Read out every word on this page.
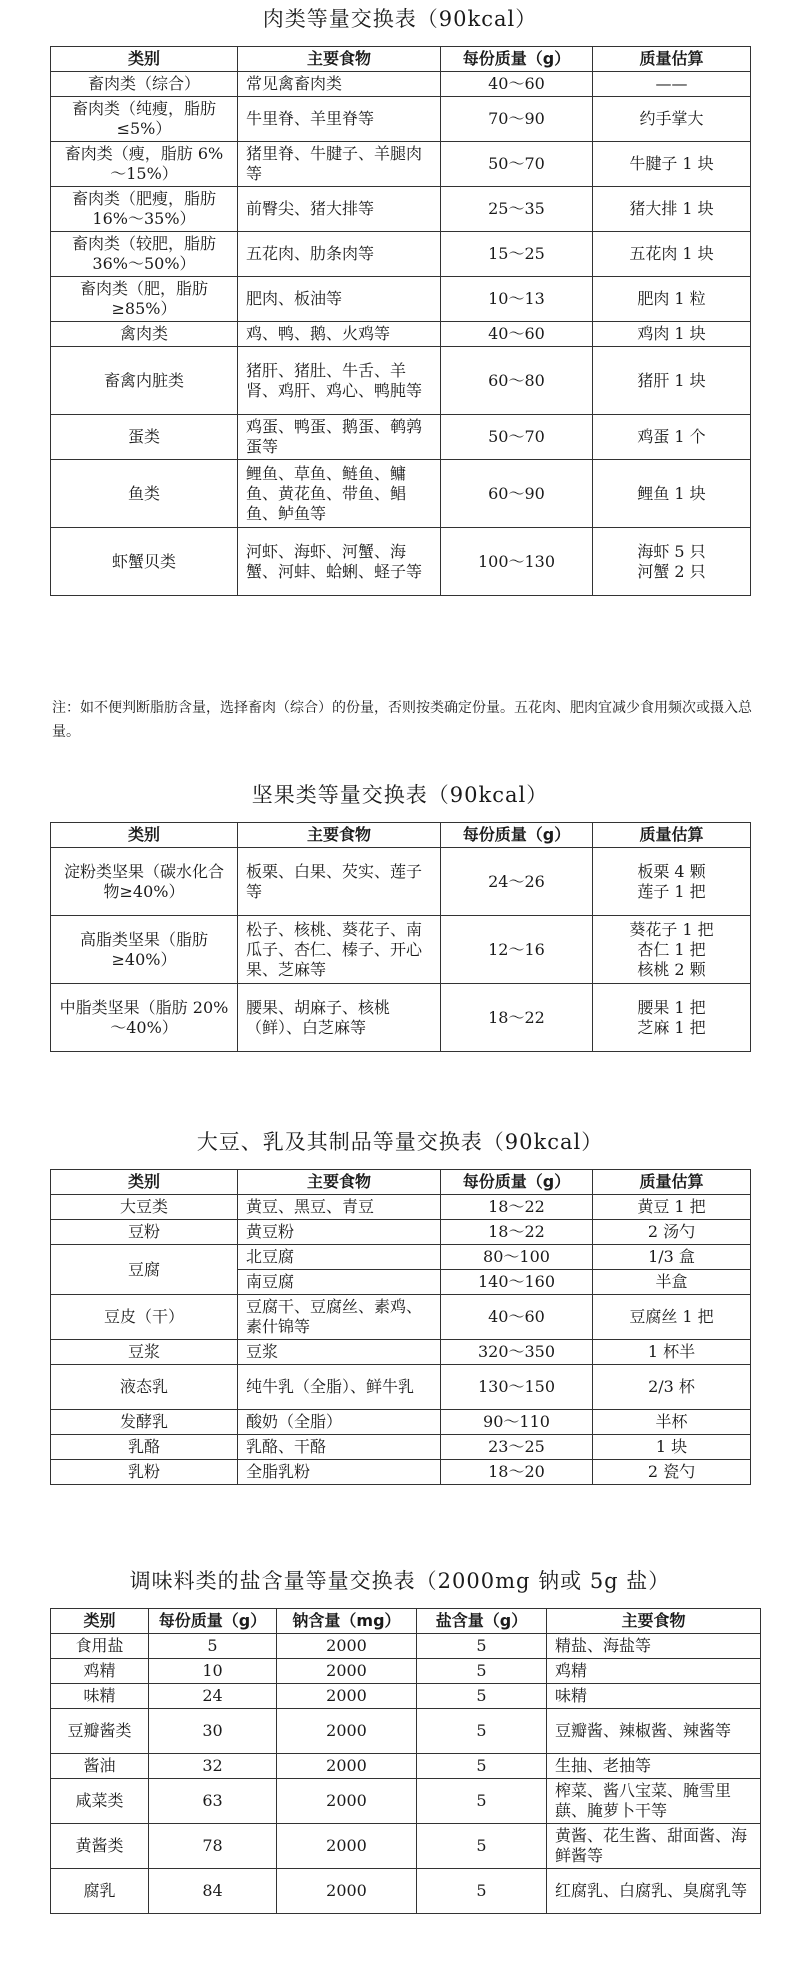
肉类等量交换表（90kcal）
类别	主要食物	每份质量（g）	质量估算
畜肉类（综合）	常见禽畜肉类	40～60	——
畜肉类（纯瘦，脂肪≤5%）	牛里脊、羊里脊等	70～90	约手掌大
畜肉类（瘦，脂肪 6%～15%）	猪里脊、牛腱子、羊腿肉等	50～70	牛腱子 1 块
畜肉类（肥瘦，脂肪 16%～35%）	前臀尖、猪大排等	25～35	猪大排 1 块
畜肉类（较肥，脂肪 36%～50%）	五花肉、肋条肉等	15～25	五花肉 1 块
畜肉类（肥，脂肪≥85%）	肥肉、板油等	10～13	肥肉 1 粒
禽肉类	鸡、鸭、鹅、火鸡等	40～60	鸡肉 1 块
畜禽内脏类	猪肝、猪肚、牛舌、羊肾、鸡肝、鸡心、鸭肫等	60～80	猪肝 1 块
蛋类	鸡蛋、鸭蛋、鹅蛋、鹌鹑蛋等	50～70	鸡蛋 1 个
鱼类	鲤鱼、草鱼、鲢鱼、鳙鱼、黄花鱼、带鱼、鲳鱼、鲈鱼等	60～90	鲤鱼 1 块
虾蟹贝类	河虾、海虾、河蟹、海蟹、河蚌、蛤蜊、蛏子等	100～130	海虾 5 只
河蟹 2 只
注：如不便判断脂肪含量，选择畜肉（综合）的份量，否则按类确定份量。五花肉、肥肉宜减少食用频次或摄入总量。
坚果类等量交换表（90kcal）
类别	主要食物	每份质量（g）	质量估算
淀粉类坚果（碳水化合物≥40%）	板栗、白果、芡实、莲子等	24～26	板栗 4 颗
莲子 1 把
高脂类坚果（脂肪≥40%）	松子、核桃、葵花子、南瓜子、杏仁、榛子、开心果、芝麻等	12～16	葵花子 1 把
杏仁 1 把
核桃 2 颗
中脂类坚果（脂肪 20%～40%）	腰果、胡麻子、核桃（鲜）、白芝麻等	18～22	腰果 1 把
芝麻 1 把
大豆、乳及其制品等量交换表（90kcal）
类别	主要食物	每份质量（g）	质量估算
大豆类	黄豆、黑豆、青豆	18～22	黄豆 1 把
豆粉	黄豆粉	18～22	2 汤勺
豆腐	北豆腐	80～100	1/3 盒
	南豆腐	140～160	半盒
豆皮（干）	豆腐干、豆腐丝、素鸡、素什锦等	40～60	豆腐丝 1 把
豆浆	豆浆	320～350	1 杯半
液态乳	纯牛乳（全脂）、鲜牛乳	130～150	2/3 杯
发酵乳	酸奶（全脂）	90～110	半杯
乳酪	乳酪、干酪	23～25	1 块
乳粉	全脂乳粉	18～20	2 瓷勺
调味料类的盐含量等量交换表（2000mg 钠或 5g 盐）
类别	每份质量（g）	钠含量（mg）	盐含量（g）	主要食物
食用盐	5	2000	5	精盐、海盐等
鸡精	10	2000	5	鸡精
味精	24	2000	5	味精
豆瓣酱类	30	2000	5	豆瓣酱、辣椒酱、辣酱等
酱油	32	2000	5	生抽、老抽等
咸菜类	63	2000	5	榨菜、酱八宝菜、腌雪里蕻、腌萝卜干等
黄酱类	78	2000	5	黄酱、花生酱、甜面酱、海鲜酱等
腐乳	84	2000	5	红腐乳、白腐乳、臭腐乳等
